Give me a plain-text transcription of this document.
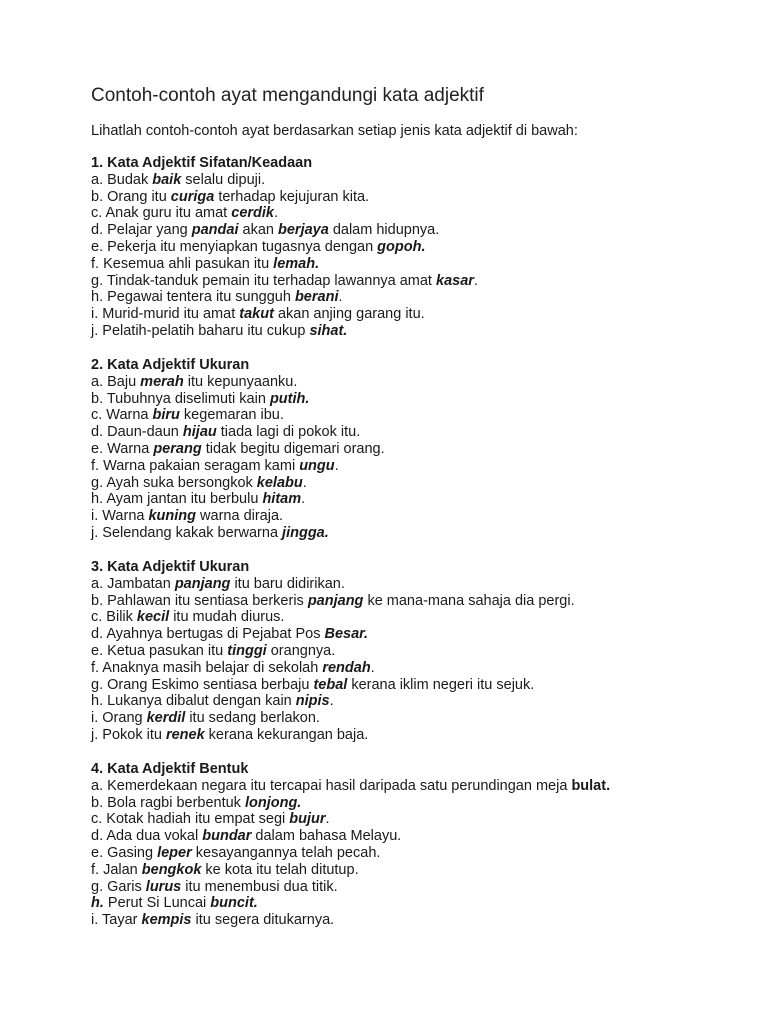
Contoh-contoh ayat mengandungi kata adjektif
Lihatlah contoh-contoh ayat berdasarkan setiap jenis kata adjektif di bawah:
1. Kata Adjektif Sifatan/Keadaan
a. Budak baik selalu dipuji.
b. Orang itu curiga terhadap kejujuran kita.
c. Anak guru itu amat cerdik.
d. Pelajar yang pandai akan berjaya dalam hidupnya.
e. Pekerja itu menyiapkan tugasnya dengan gopoh.
f. Kesemua ahli pasukan itu lemah.
g. Tindak-tanduk pemain itu terhadap lawannya amat kasar.
h. Pegawai tentera itu sungguh berani.
i. Murid-murid itu amat takut akan anjing garang itu.
j. Pelatih-pelatih baharu itu cukup sihat.
2. Kata Adjektif Ukuran
a. Baju merah itu kepunyaanku.
b. Tubuhnya diselimuti kain putih.
c. Warna biru kegemaran ibu.
d. Daun-daun hijau tiada lagi di pokok itu.
e. Warna perang tidak begitu digemari orang.
f. Warna pakaian seragam kami ungu.
g. Ayah suka bersongkok kelabu.
h. Ayam jantan itu berbulu hitam.
i. Warna kuning warna diraja.
j. Selendang kakak berwarna jingga.
3. Kata Adjektif Ukuran
a. Jambatan panjang itu baru didirikan.
b. Pahlawan itu sentiasa berkeris panjang ke mana-mana sahaja dia pergi.
c. Bilik kecil itu mudah diurus.
d. Ayahnya bertugas di Pejabat Pos Besar.
e. Ketua pasukan itu tinggi orangnya.
f. Anaknya masih belajar di sekolah rendah.
g. Orang Eskimo sentiasa berbaju tebal kerana iklim negeri itu sejuk.
h. Lukanya dibalut dengan kain nipis.
i. Orang kerdil itu sedang berlakon.
j. Pokok itu renek kerana kekurangan baja.
4. Kata Adjektif Bentuk
a. Kemerdekaan negara itu tercapai hasil daripada satu perundingan meja bulat.
b. Bola ragbi berbentuk lonjong.
c. Kotak hadiah itu empat segi bujur.
d. Ada dua vokal bundar dalam bahasa Melayu.
e. Gasing leper kesayangannya telah pecah.
f. Jalan bengkok ke kota itu telah ditutup.
g. Garis lurus itu menembusi dua titik.
h. Perut Si Luncai buncit.
i. Tayar kempis itu segera ditukarnya.
